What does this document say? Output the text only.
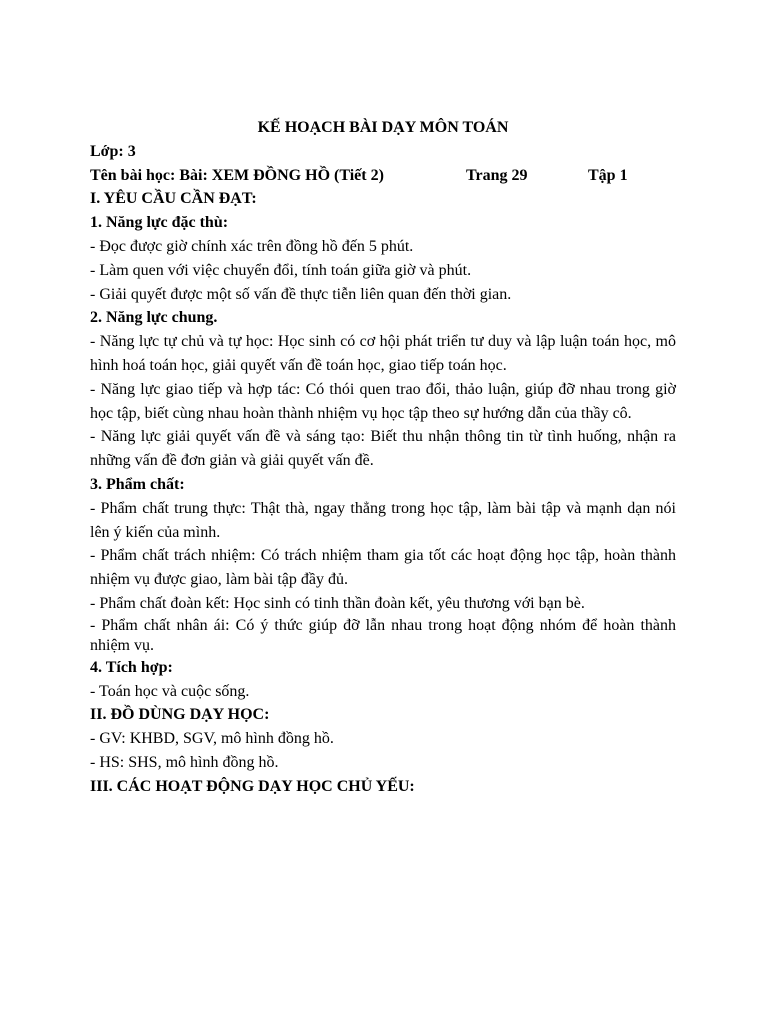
KẾ HOẠCH BÀI DẠY MÔN TOÁN
Lớp: 3
Tên bài học: Bài: XEM ĐỒNG HỒ (Tiết 2)	Trang 29	Tập 1
I. YÊU CẦU CẦN ĐẠT:
1. Năng lực đặc thù:
- Đọc được giờ chính xác trên đồng hồ đến 5 phút.
- Làm quen với việc chuyển đổi, tính toán giữa giờ và phút.
- Giải quyết được một số vấn đề thực tiễn liên quan đến thời gian.
2. Năng lực chung.
- Năng lực tự chủ và tự học: Học sinh có cơ hội phát triển tư duy và lập luận toán học, mô hình hoá toán học, giải quyết vấn đề toán học, giao tiếp toán học.
- Năng lực giao tiếp và hợp tác: Có thói quen trao đổi, thảo luận, giúp đỡ nhau trong giờ học tập, biết cùng nhau hoàn thành nhiệm vụ học tập theo sự hướng dẫn của thầy cô.
- Năng lực giải quyết vấn đề và sáng tạo: Biết thu nhận thông tin từ tình huống, nhận ra những vấn đề đơn giản và giải quyết vấn đề.
3. Phẩm chất:
- Phẩm chất trung thực: Thật thà, ngay thẳng trong học tập, làm bài tập và mạnh dạn nói lên ý kiến của mình.
- Phẩm chất trách nhiệm: Có trách nhiệm tham gia tốt các hoạt động học tập, hoàn thành nhiệm vụ được giao, làm bài tập đầy đủ.
- Phẩm chất đoàn kết: Học sinh có tinh thần đoàn kết, yêu thương với bạn bè.
- Phẩm chất nhân ái: Có ý thức giúp đỡ lẫn nhau trong hoạt động nhóm để hoàn thành nhiệm vụ.
4. Tích hợp:
- Toán học và cuộc sống.
II. ĐỒ DÙNG DẠY HỌC:
- GV: KHBD, SGV, mô hình đồng hồ.
- HS: SHS, mô hình đồng hồ.
III. CÁC HOẠT ĐỘNG DẠY HỌC CHỦ YẾU:
